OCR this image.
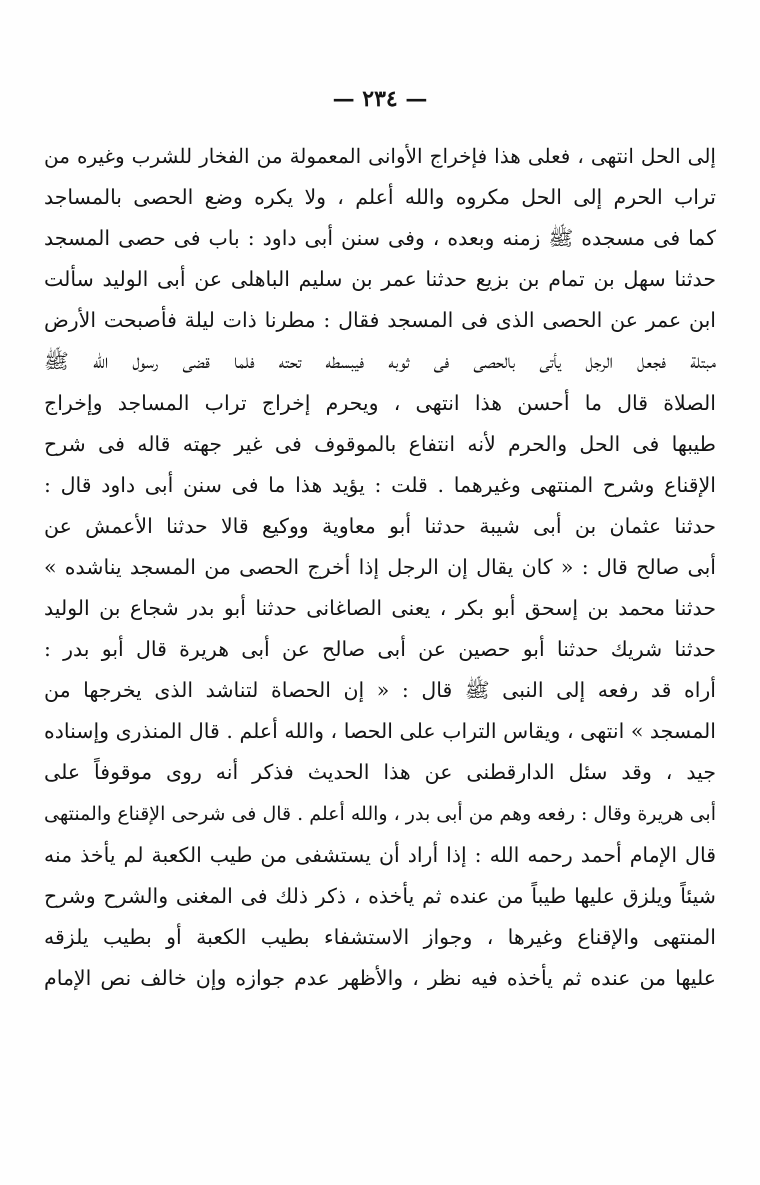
— ٢٣٤ —
إلى الحل انتهى ، فعلى هذا فإخراج الأوانى المعمولة من الفخار للشرب وغيره من
تراب الحرم إلى الحل مكروه والله أعلم ، ولا يكره وضع الحصى بالمساجد
كما فى مسجده ﷺ زمنه وبعده ، وفى سنن أبى داود : باب فى حصى المسجد
حدثنا سهل بن تمام بن بزيع حدثنا عمر بن سليم الباهلى عن أبى الوليد سألت
ابن عمر عن الحصى الذى فى المسجد فقال : مطرنا ذات ليلة فأصبحت الأرض
مبتلة فجعل الرجل يأتى بالحصى فى ثوبه فيبسطه تحته فلما قضى رسول الله ﷺ
الصلاة قال ما أحسن هذا انتهى ، ويحرم إخراج تراب المساجد وإخراج
طيبها فى الحل والحرم لأنه انتفاع بالموقوف فى غير جهته قاله فى شرح
الإقناع وشرح المنتهى وغيرهما . قلت : يؤيد هذا ما فى سنن أبى داود قال :
حدثنا عثمان بن أبى شيبة حدثنا أبو معاوية ووكيع قالا حدثنا الأعمش عن
أبى صالح قال : « كان يقال إن الرجل إذا أخرج الحصى من المسجد يناشده »
حدثنا محمد بن إسحق أبو بكر ، يعنى الصاغانى حدثنا أبو بدر شجاع بن الوليد
حدثنا شريك حدثنا أبو حصين عن أبى صالح عن أبى هريرة قال أبو بدر :
أراه قد رفعه إلى النبى ﷺ قال : « إن الحصاة لتناشد الذى يخرجها من
المسجد » انتهى ، ويقاس التراب على الحصا ، والله أعلم . قال المنذرى وإسناده
جيد ، وقد سئل الدارقطنى عن هذا الحديث فذكر أنه روى موقوفاً على
أبى هريرة وقال : رفعه وهم من أبى بدر ، والله أعلم . قال فى شرحى الإقناع والمنتهى
قال الإمام أحمد رحمه الله : إذا أراد أن يستشفى من طيب الكعبة لم يأخذ منه
شيئاً ويلزق عليها طيباً من عنده ثم يأخذه ، ذكر ذلك فى المغنى والشرح وشرح
المنتهى والإقناع وغيرها ، وجواز الاستشفاء بطيب الكعبة أو بطيب يلزقه
عليها من عنده ثم يأخذه فيه نظر ، والأظهر عدم جوازه وإن خالف نص الإمام
